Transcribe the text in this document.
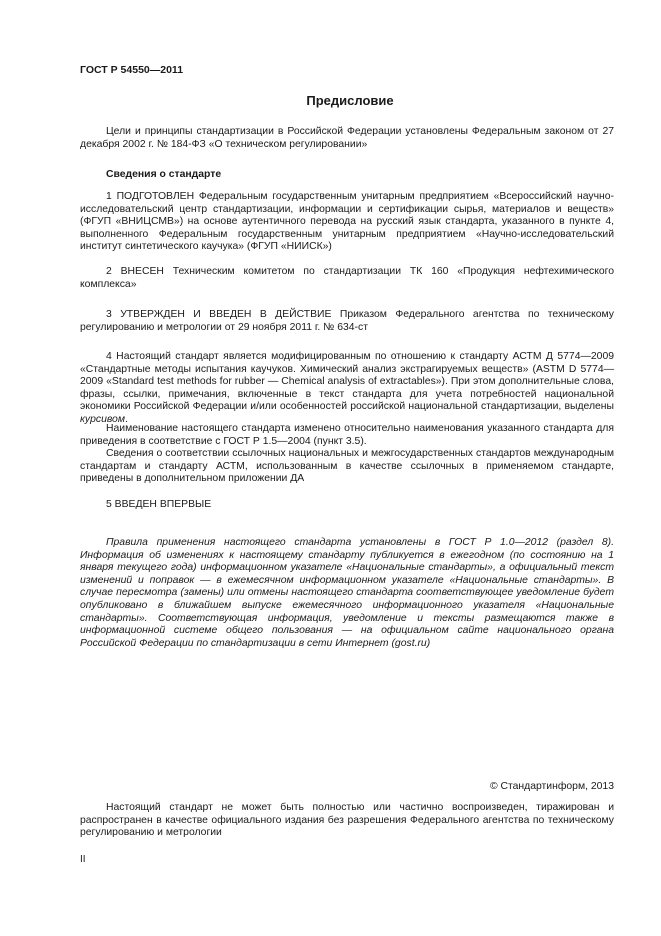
ГОСТ Р 54550—2011
Предисловие

Цели и принципы стандартизации в Российской Федерации установлены Федеральным законом от 27 декабря 2002 г. № 184-ФЗ «О техническом регулировании»

Сведения о стандарте

1 ПОДГОТОВЛЕН Федеральным государственным унитарным предприятием «Всероссийский научно-исследовательский центр стандартизации, информации и сертификации сырья, материалов и веществ» (ФГУП «ВНИЦСМВ») на основе аутентичного перевода на русский язык стандарта, указанного в пункте 4, выполненного Федеральным государственным унитарным предприятием «Научно-исследовательский институт синтетического каучука» (ФГУП «НИИСК»)

2 ВНЕСЕН Техническим комитетом по стандартизации ТК 160 «Продукция нефтехимического комплекса»

3 УТВЕРЖДЕН И ВВЕДЕН В ДЕЙСТВИЕ Приказом Федерального агентства по техническому регулированию и метрологии от 29 ноября 2011 г. № 634-ст

4 Настоящий стандарт является модифицированным по отношению к стандарту АСТМ Д 5774—2009 «Стандартные методы испытания каучуков. Химический анализ экстрагируемых веществ» (ASTM D 5774—2009 «Standard test methods for rubber — Chemical analysis of extractables»). При этом дополнительные слова, фразы, ссылки, примечания, включенные в текст стандарта для учета потребностей национальной экономики Российской Федерации и/или особенностей российской национальной стандартизации, выделены курсивом.

Наименование настоящего стандарта изменено относительно наименования указанного стандарта для приведения в соответствие с ГОСТ Р 1.5—2004 (пункт 3.5).

Сведения о соответствии ссылочных национальных и межгосударственных стандартов международным стандартам и стандарту АСТМ, использованным в качестве ссылочных в применяемом стандарте, приведены в дополнительном приложении ДА

5 ВВЕДЕН ВПЕРВЫЕ

Правила применения настоящего стандарта установлены в ГОСТ Р 1.0—2012 (раздел 8). Информация об изменениях к настоящему стандарту публикуется в ежегодном (по состоянию на 1 января текущего года) информационном указателе «Национальные стандарты», а официальный текст изменений и поправок — в ежемесячном информационном указателе «Национальные стандарты». В случае пересмотра (замены) или отмены настоящего стандарта соответствующее уведомление будет опубликовано в ближайшем выпуске ежемесячного информационного указателя «Национальные стандарты». Соответствующая информация, уведомление и тексты размещаются также в информационной системе общего пользования — на официальном сайте национального органа Российской Федерации по стандартизации в сети Интернет (gost.ru)

© Стандартинформ, 2013

Настоящий стандарт не может быть полностью или частично воспроизведен, тиражирован и распространен в качестве официального издания без разрешения Федерального агентства по техническому регулированию и метрологии

II
